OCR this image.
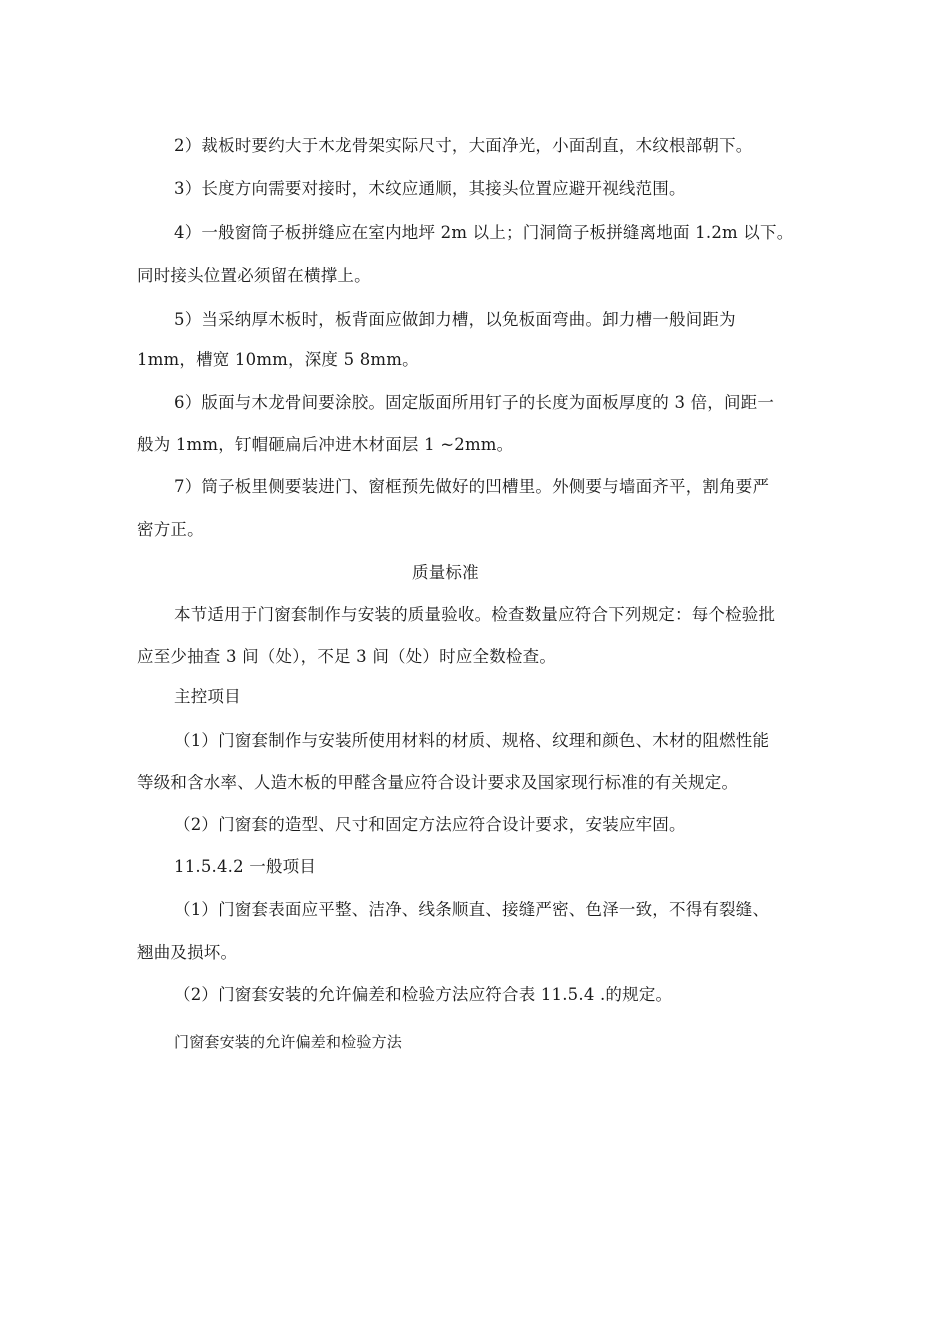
2）裁板时要约大于木龙骨架实际尺寸，大面净光，小面刮直，木纹根部朝下。
3）长度方向需要对接时，木纹应通顺，其接头位置应避开视线范围。
4）一般窗筒子板拼缝应在室内地坪 2m 以上；门洞筒子板拼缝离地面 1.2m 以下。
同时接头位置必须留在横撑上。
5）当采纳厚木板时，板背面应做卸力槽，以免板面弯曲。卸力槽一般间距为
1mm，槽宽 10mm，深度 5 8mm。
6）版面与木龙骨间要涂胶。固定版面所用钉子的长度为面板厚度的 3 倍，间距一
般为 1mm，钉帽砸扁后冲进木材面层 1 ~2mm。
7）筒子板里侧要装进门、窗框预先做好的凹槽里。外侧要与墙面齐平，割角要严
密方正。
质量标准
本节适用于门窗套制作与安装的质量验收。检查数量应符合下列规定：每个检验批
应至少抽查 3 间（处），不足 3 间（处）时应全数检查。
主控项目
（1）门窗套制作与安装所使用材料的材质、规格、纹理和颜色、木材的阻燃性能
等级和含水率、人造木板的甲醛含量应符合设计要求及国家现行标准的有关规定。
（2）门窗套的造型、尺寸和固定方法应符合设计要求，安装应牢固。
11.5.4.2 一般项目
（1）门窗套表面应平整、洁净、线条顺直、接缝严密、色泽一致，不得有裂缝、
翘曲及损坏。
（2）门窗套安装的允许偏差和检验方法应符合表 11.5.4 .的规定。
门窗套安装的允许偏差和检验方法
